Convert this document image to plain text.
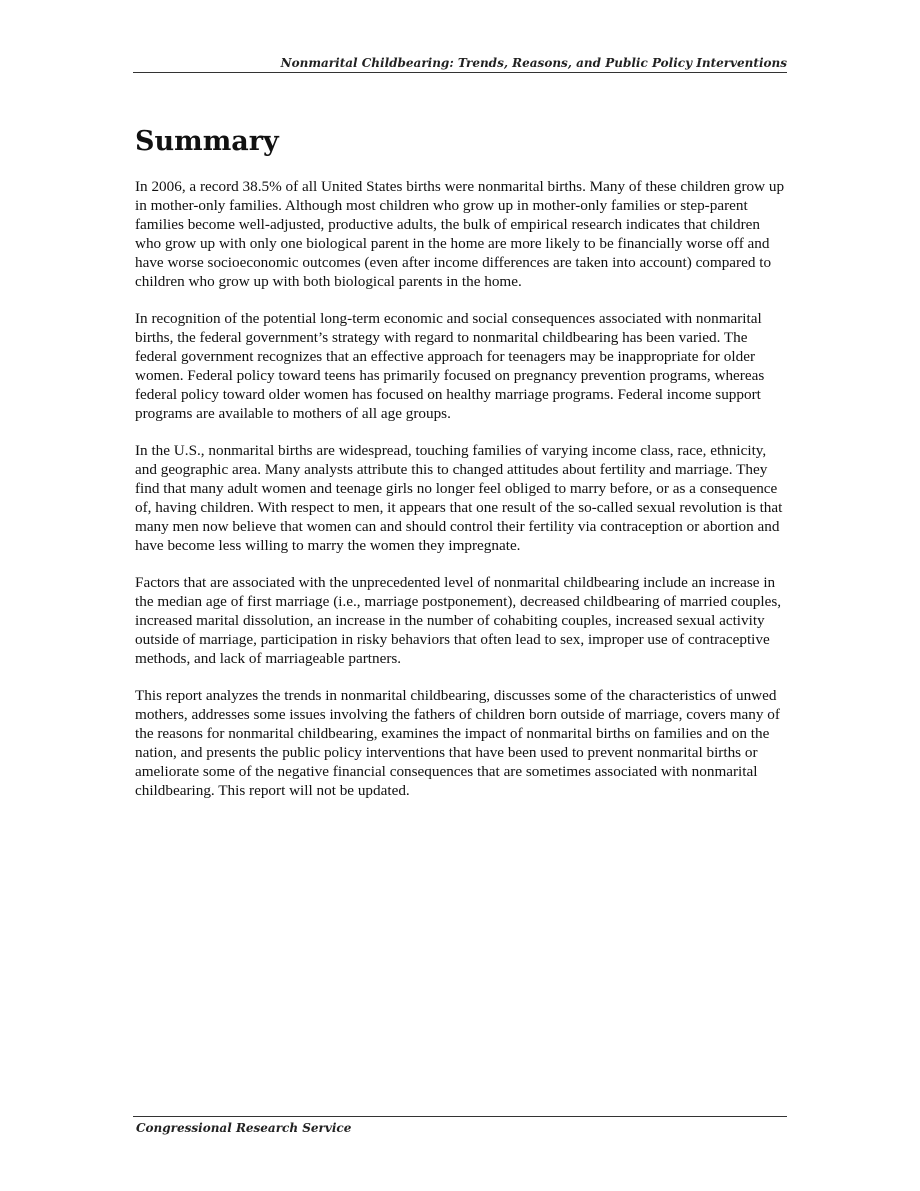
Nonmarital Childbearing: Trends, Reasons, and Public Policy Interventions
Summary

In 2006, a record 38.5% of all United States births were nonmarital births. Many of these children grow up in mother-only families. Although most children who grow up in mother-only families or step-parent families become well-adjusted, productive adults, the bulk of empirical research indicates that children who grow up with only one biological parent in the home are more likely to be financially worse off and have worse socioeconomic outcomes (even after income differences are taken into account) compared to children who grow up with both biological parents in the home.

In recognition of the potential long-term economic and social consequences associated with nonmarital births, the federal government’s strategy with regard to nonmarital childbearing has been varied. The federal government recognizes that an effective approach for teenagers may be inappropriate for older women. Federal policy toward teens has primarily focused on pregnancy prevention programs, whereas federal policy toward older women has focused on healthy marriage programs. Federal income support programs are available to mothers of all age groups.

In the U.S., nonmarital births are widespread, touching families of varying income class, race, ethnicity, and geographic area. Many analysts attribute this to changed attitudes about fertility and marriage. They find that many adult women and teenage girls no longer feel obliged to marry before, or as a consequence of, having children. With respect to men, it appears that one result of the so-called sexual revolution is that many men now believe that women can and should control their fertility via contraception or abortion and have become less willing to marry the women they impregnate.

Factors that are associated with the unprecedented level of nonmarital childbearing include an increase in the median age of first marriage (i.e., marriage postponement), decreased childbearing of married couples, increased marital dissolution, an increase in the number of cohabiting couples, increased sexual activity outside of marriage, participation in risky behaviors that often lead to sex, improper use of contraceptive methods, and lack of marriageable partners.

This report analyzes the trends in nonmarital childbearing, discusses some of the characteristics of unwed mothers, addresses some issues involving the fathers of children born outside of marriage, covers many of the reasons for nonmarital childbearing, examines the impact of nonmarital births on families and on the nation, and presents the public policy interventions that have been used to prevent nonmarital births or ameliorate some of the negative financial consequences that are sometimes associated with nonmarital childbearing. This report will not be updated.

Congressional Research Service
